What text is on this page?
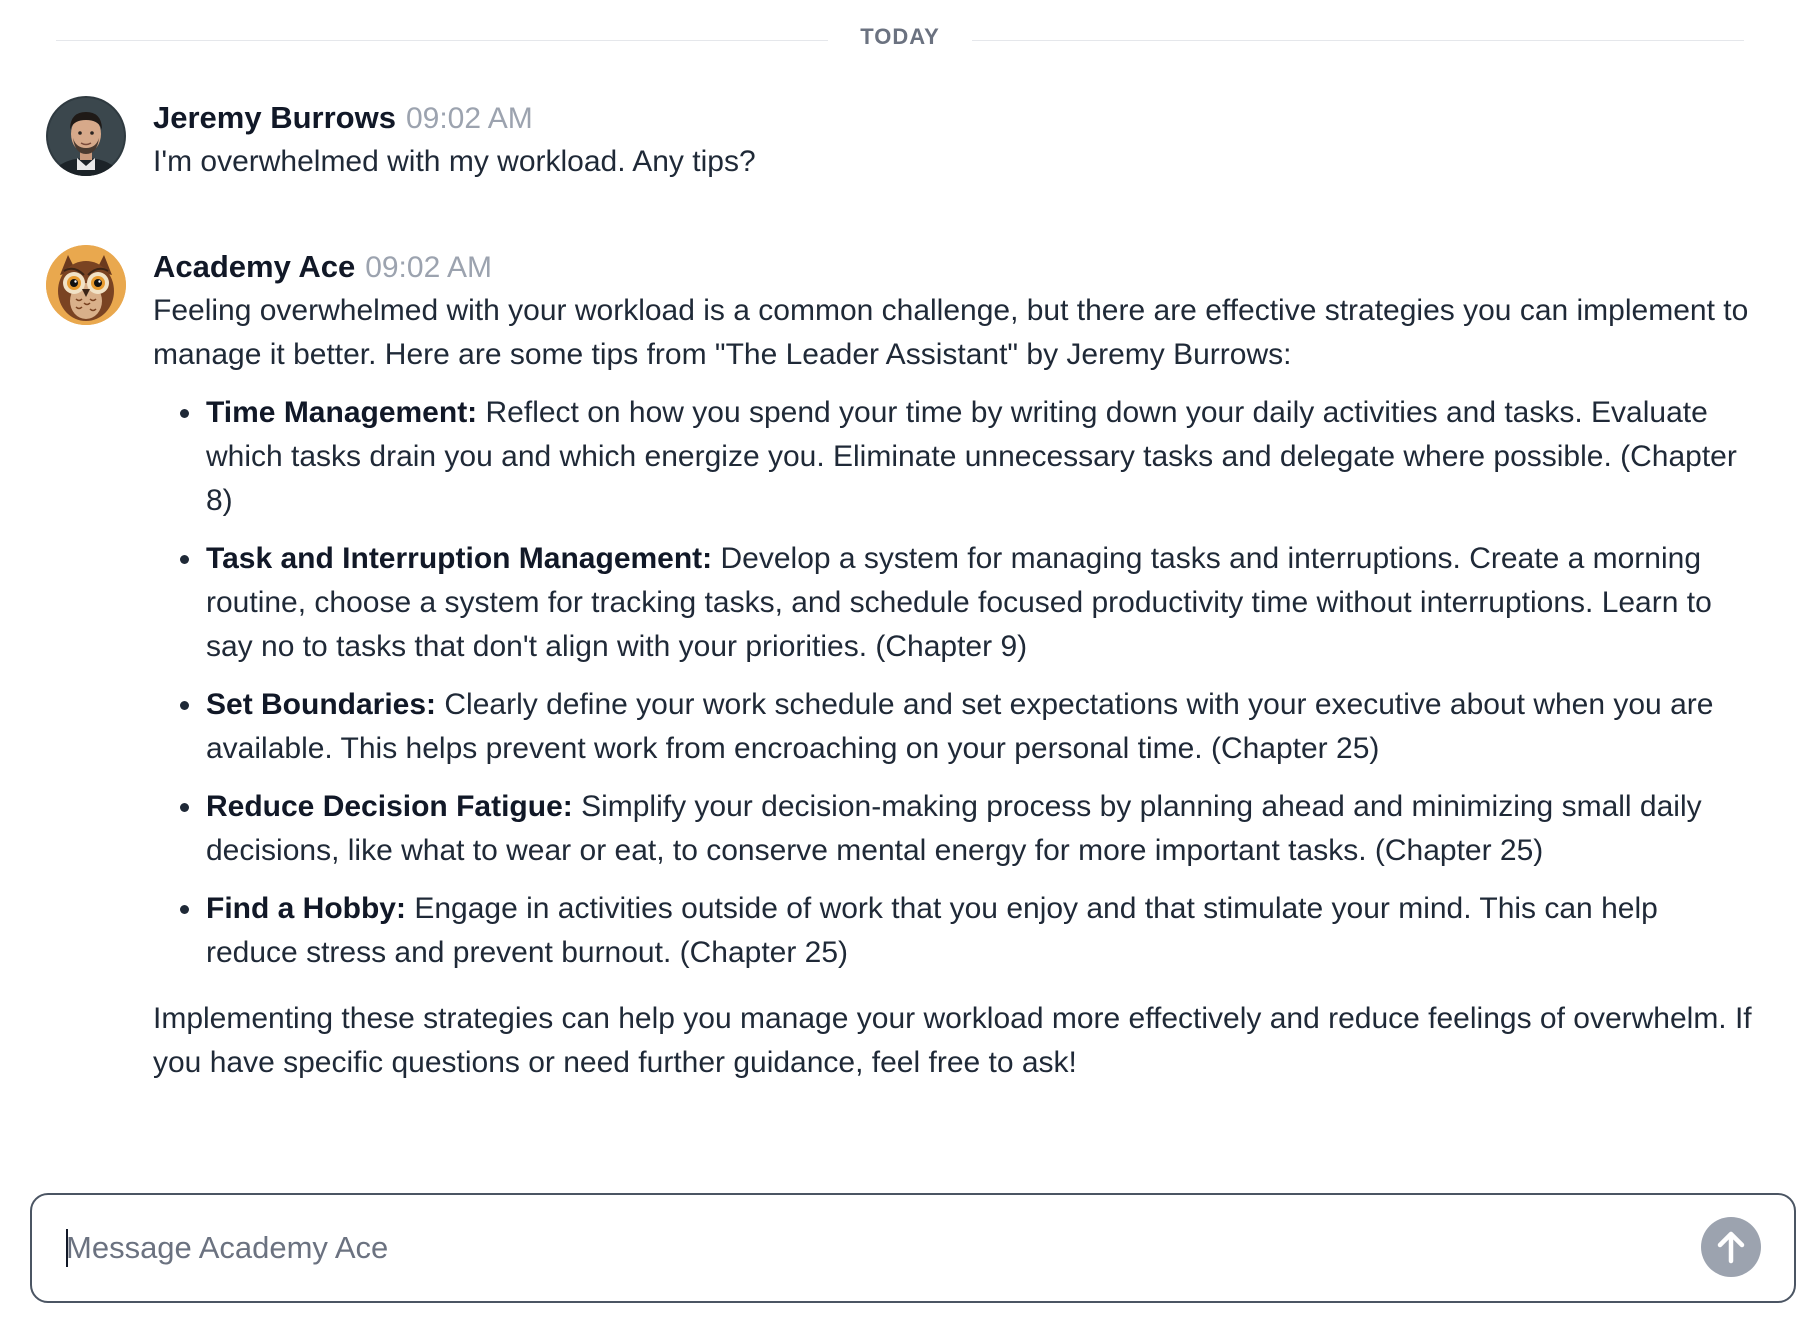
TODAY
Jeremy Burrows 09:02 AM

I'm overwhelmed with my workload. Any tips?

Academy Ace 09:02 AM

Feeling overwhelmed with your workload is a common challenge, but there are effective strategies you can implement to manage it better. Here are some tips from "The Leader Assistant" by Jeremy Burrows:

Time Management: Reflect on how you spend your time by writing down your daily activities and tasks. Evaluate which tasks drain you and which energize you. Eliminate unnecessary tasks and delegate where possible. (Chapter 8)
Task and Interruption Management: Develop a system for managing tasks and interruptions. Create a morning routine, choose a system for tracking tasks, and schedule focused productivity time without interruptions. Learn to say no to tasks that don't align with your priorities. (Chapter 9)
Set Boundaries: Clearly define your work schedule and set expectations with your executive about when you are available. This helps prevent work from encroaching on your personal time. (Chapter 25)
Reduce Decision Fatigue: Simplify your decision-making process by planning ahead and minimizing small daily decisions, like what to wear or eat, to conserve mental energy for more important tasks. (Chapter 25)
Find a Hobby: Engage in activities outside of work that you enjoy and that stimulate your mind. This can help reduce stress and prevent burnout. (Chapter 25)

Implementing these strategies can help you manage your workload more effectively and reduce feelings of overwhelm. If you have specific questions or need further guidance, feel free to ask!

Message Academy Ace
